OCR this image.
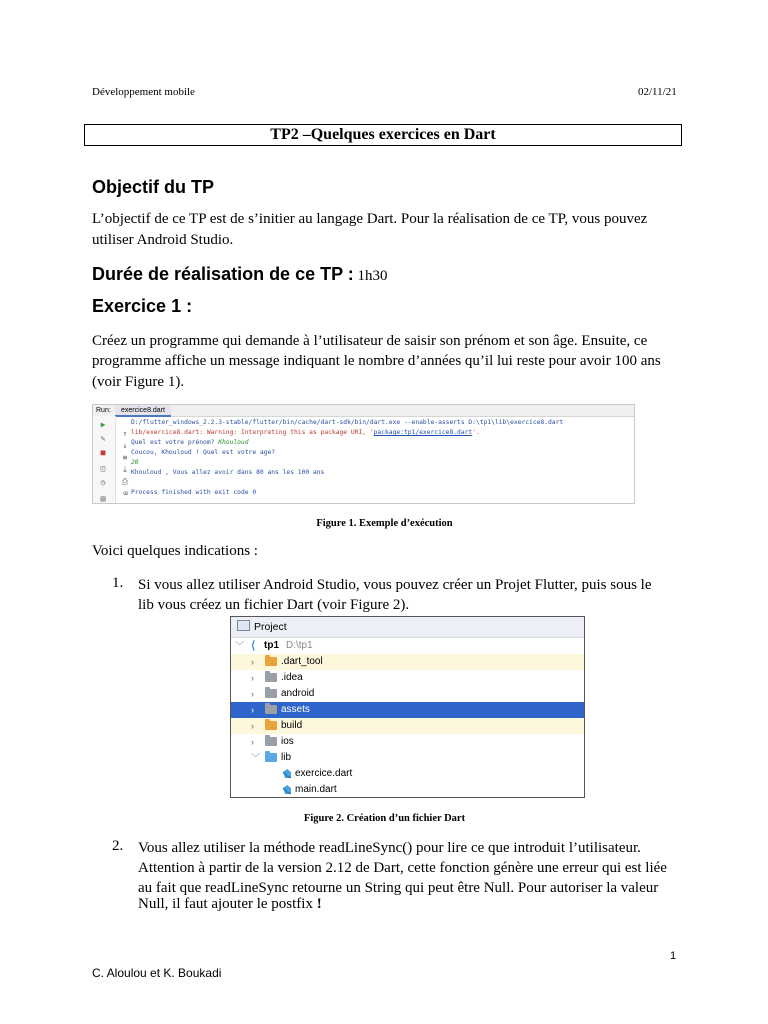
Développement mobile	02/11/21
TP2 –Quelques exercices en Dart
Objectif du TP
L’objectif de ce TP est de s’initier au langage Dart. Pour la réalisation de ce TP, vous pouvez
utiliser Android Studio.
Durée de réalisation de ce TP : 1h30
Exercice 1 :
Créez un programme qui demande à l’utilisateur de saisir son prénom et son âge. Ensuite, ce
programme affiche un message indiquant le nombre d’années qu’il lui reste pour avoir 100 ans
(voir Figure 1).
Run:	exercice8.dart
▶
✎
■
◫
◷
▤
↑
↓
≡
⤓
⎙
⌫
D:/flutter_windows_2.2.3-stable/flutter/bin/cache/dart-sdk/bin/dart.exe --enable-asserts D:\tp1\lib\exercice8.dart
lib/exercice8.dart: Warning: Interpreting this as package URI, 'package:tp1/exercice8.dart'.
Quel est votre prénom? Khouloud
Coucou, Khouloud ! Quel est votre age?
20
Khouloud , Vous allez avoir dans 80 ans les 100 ans
Process finished with exit code 0
Figure 1. Exemple d’exécution
Voici quelques indications :
1. Si vous allez utiliser Android Studio, vous pouvez créer un Projet Flutter, puis sous le
lib vous créez un fichier Dart (voir Figure 2).
Project
﹀ ⟨ tp1 D:\tp1
›	.dart_tool
›	.idea
›	android
›	assets
›	build
›	ios
﹀ lib
exercice.dart
main.dart
Figure 2. Création d’un fichier Dart
2. Vous allez utiliser la méthode readLineSync() pour lire ce que introduit l’utilisateur.
Attention à partir de la version 2.12 de Dart, cette fonction génère une erreur qui est liée
au fait que readLineSync retourne un String qui peut être Null. Pour autoriser la valeur
Null, il faut ajouter le postfix !
1
C. Aloulou et K. Boukadi
